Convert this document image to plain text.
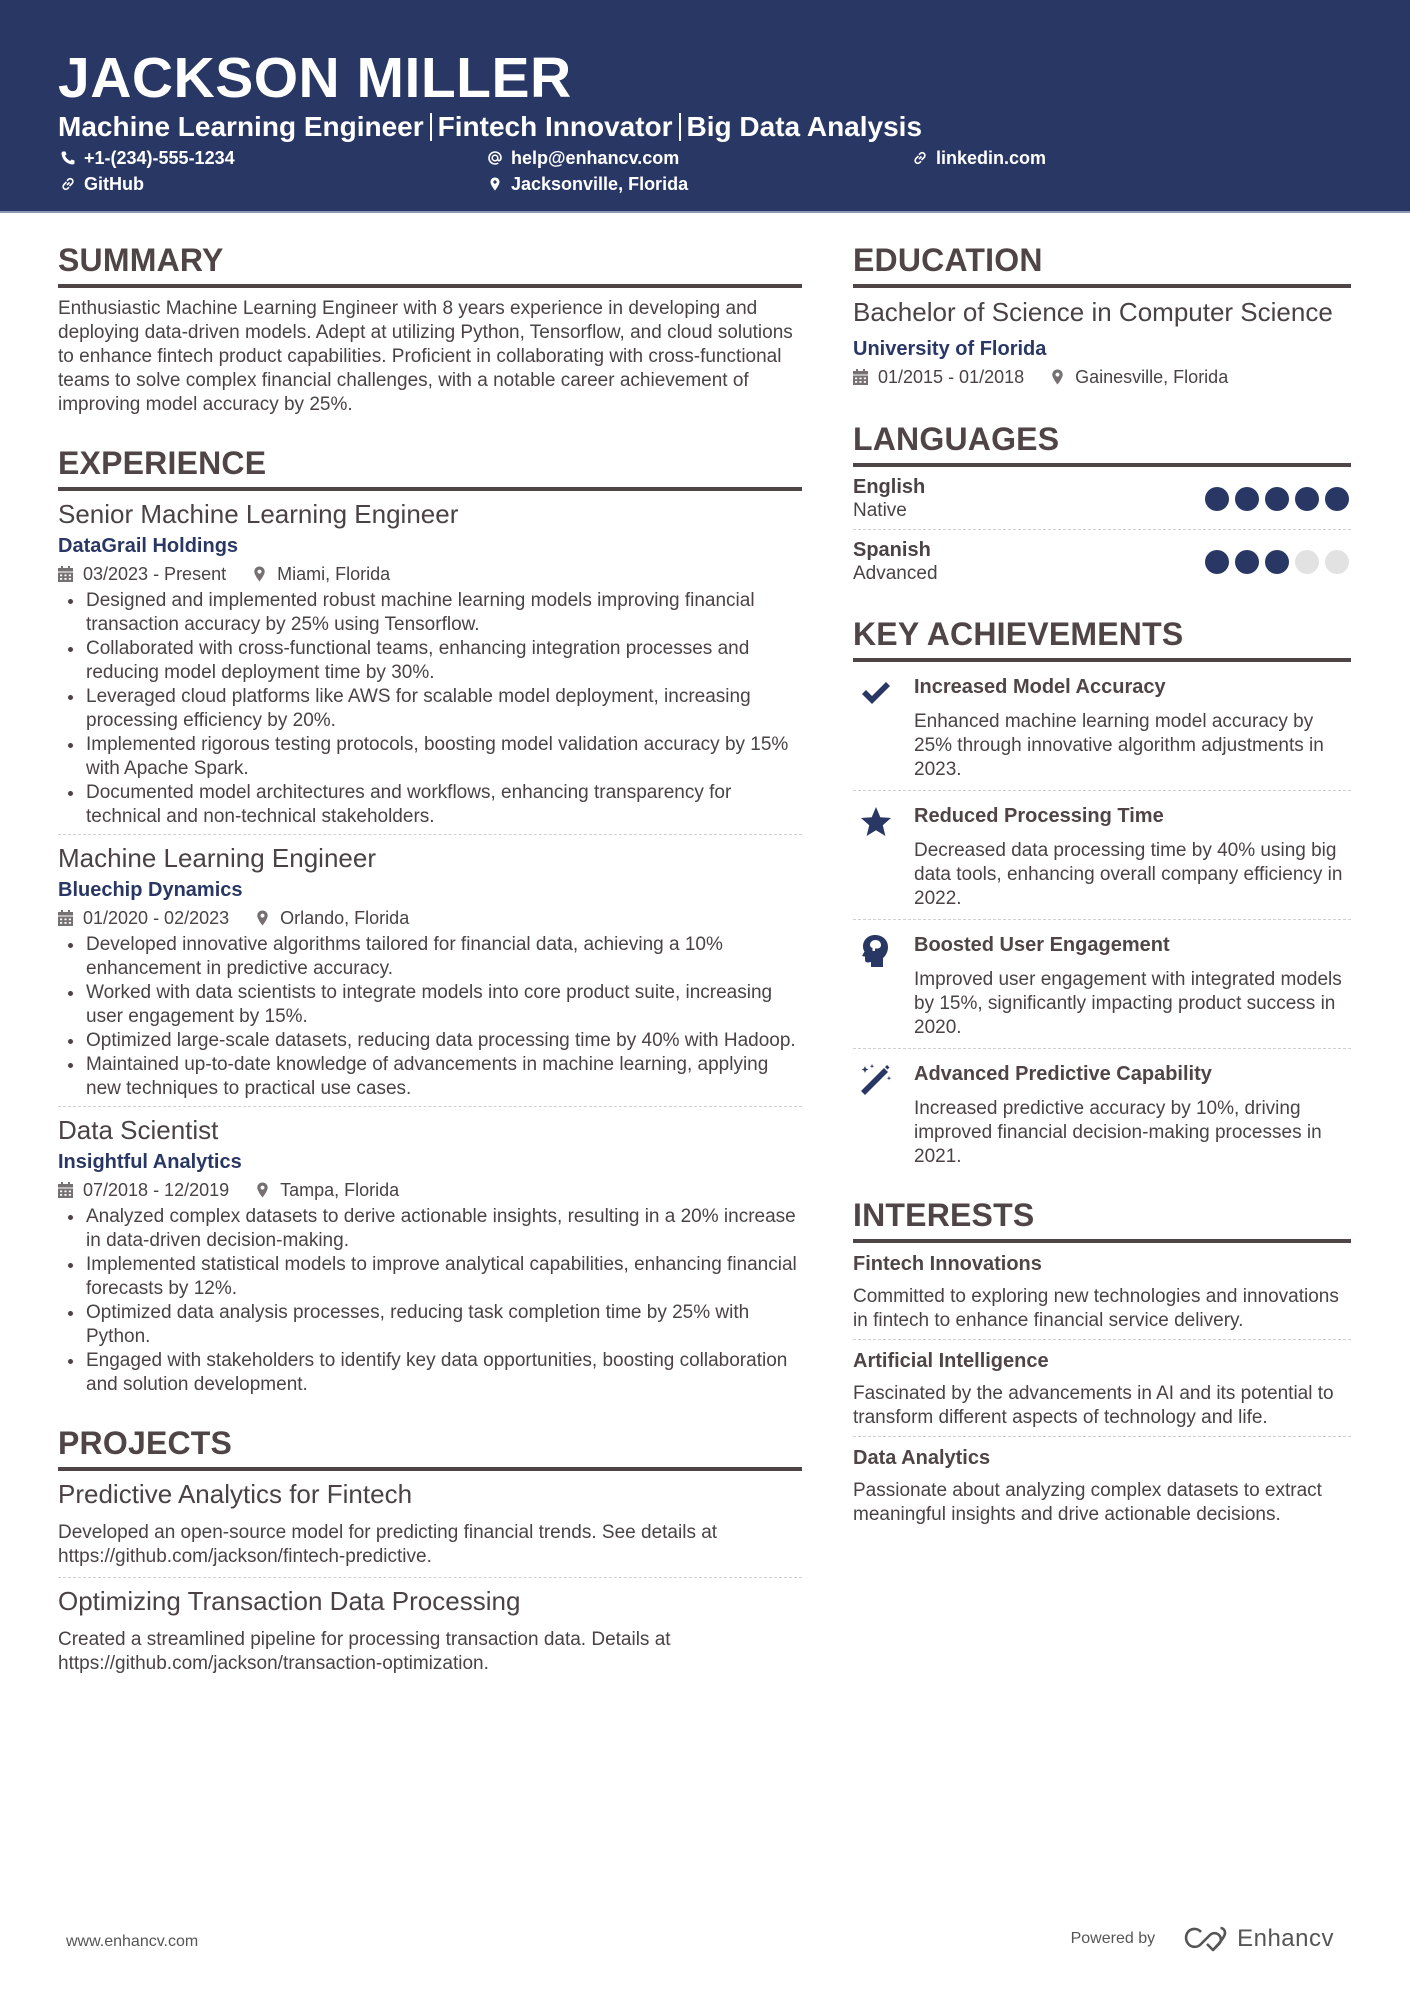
JACKSON MILLER
Machine Learning Engineer Fintech Innovator Big Data Analysis
+1-(234)-555-1234	help@enhancv.com	linkedin.com
GitHub	Jacksonville, Florida
SUMMARY
Enthusiastic Machine Learning Engineer with 8 years experience in developing and deploying data-driven models. Adept at utilizing Python, Tensorflow, and cloud solutions to enhance fintech product capabilities. Proficient in collaborating with cross-functional teams to solve complex financial challenges, with a notable career achievement of improving model accuracy by 25%.
EXPERIENCE
Senior Machine Learning Engineer
DataGrail Holdings
03/2023 - Present	Miami, Florida
Designed and implemented robust machine learning models improving financial transaction accuracy by 25% using Tensorflow.
Collaborated with cross-functional teams, enhancing integration processes and reducing model deployment time by 30%.
Leveraged cloud platforms like AWS for scalable model deployment, increasing processing efficiency by 20%.
Implemented rigorous testing protocols, boosting model validation accuracy by 15% with Apache Spark.
Documented model architectures and workflows, enhancing transparency for technical and non-technical stakeholders.
Machine Learning Engineer
Bluechip Dynamics
01/2020 - 02/2023	Orlando, Florida
Developed innovative algorithms tailored for financial data, achieving a 10% enhancement in predictive accuracy.
Worked with data scientists to integrate models into core product suite, increasing user engagement by 15%.
Optimized large-scale datasets, reducing data processing time by 40% with Hadoop.
Maintained up-to-date knowledge of advancements in machine learning, applying new techniques to practical use cases.
Data Scientist
Insightful Analytics
07/2018 - 12/2019	Tampa, Florida
Analyzed complex datasets to derive actionable insights, resulting in a 20% increase in data-driven decision-making.
Implemented statistical models to improve analytical capabilities, enhancing financial forecasts by 12%.
Optimized data analysis processes, reducing task completion time by 25% with Python.
Engaged with stakeholders to identify key data opportunities, boosting collaboration and solution development.
PROJECTS
Predictive Analytics for Fintech
Developed an open-source model for predicting financial trends. See details at https://github.com/jackson/fintech-predictive.
Optimizing Transaction Data Processing
Created a streamlined pipeline for processing transaction data. Details at https://github.com/jackson/transaction-optimization.
EDUCATION
Bachelor of Science in Computer Science
University of Florida
01/2015 - 01/2018	Gainesville, Florida
LANGUAGES
English
Native
Spanish
Advanced
KEY ACHIEVEMENTS
Increased Model Accuracy
Enhanced machine learning model accuracy by 25% through innovative algorithm adjustments in 2023.
Reduced Processing Time
Decreased data processing time by 40% using big data tools, enhancing overall company efficiency in 2022.
Boosted User Engagement
Improved user engagement with integrated models by 15%, significantly impacting product success in 2020.
Advanced Predictive Capability
Increased predictive accuracy by 10%, driving improved financial decision-making processes in 2021.
INTERESTS
Fintech Innovations
Committed to exploring new technologies and innovations in fintech to enhance financial service delivery.
Artificial Intelligence
Fascinated by the advancements in AI and its potential to transform different aspects of technology and life.
Data Analytics
Passionate about analyzing complex datasets to extract meaningful insights and drive actionable decisions.
www.enhancv.com	Powered by	Enhancv
